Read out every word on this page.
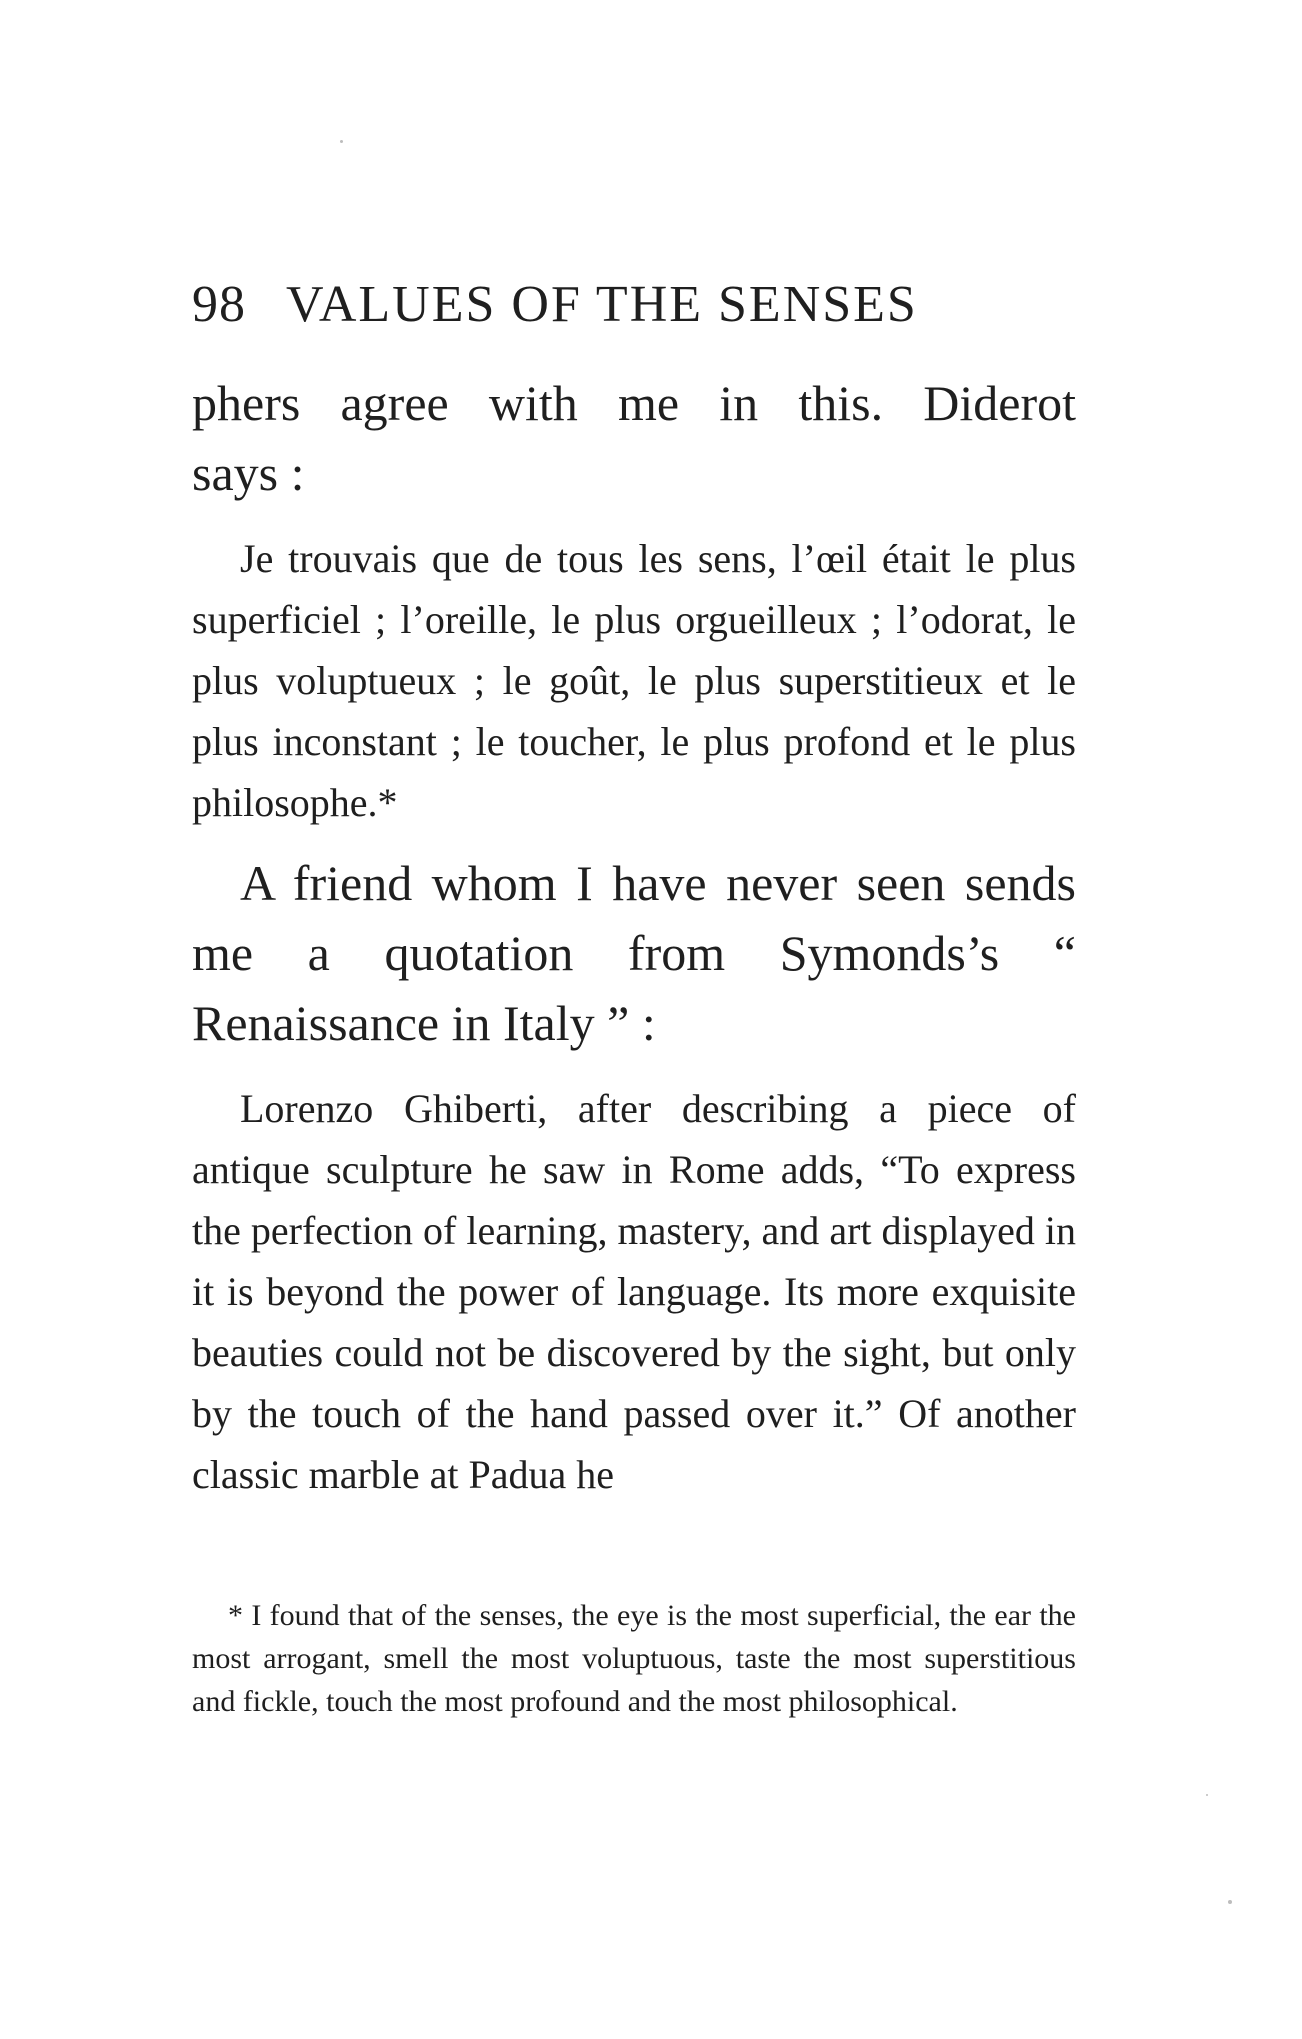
98 VALUES OF THE SENSES

phers agree with me in this. Diderot

says :

Je trouvais que de tous les sens, l’œil était le plus superficiel ; l’oreille, le plus orgueilleux ; l’odorat, le plus voluptueux ; le goût, le plus superstitieux et le plus inconstant ; le toucher, le plus profond et le plus philosophe.*

A friend whom I have never seen sends me a quotation from Symonds’s “ Renaissance in Italy ” :

Lorenzo Ghiberti, after describing a piece of antique sculpture he saw in Rome adds, “To express the perfection of learning, mastery, and art displayed in it is beyond the power of language. Its more exquisite beauties could not be discovered by the sight, but only by the touch of the hand passed over it.” Of another classic marble at Padua he

* I found that of the senses, the eye is the most superficial, the ear the most arrogant, smell the most voluptuous, taste the most superstitious and fickle, touch the most profound and the most philosophical.
